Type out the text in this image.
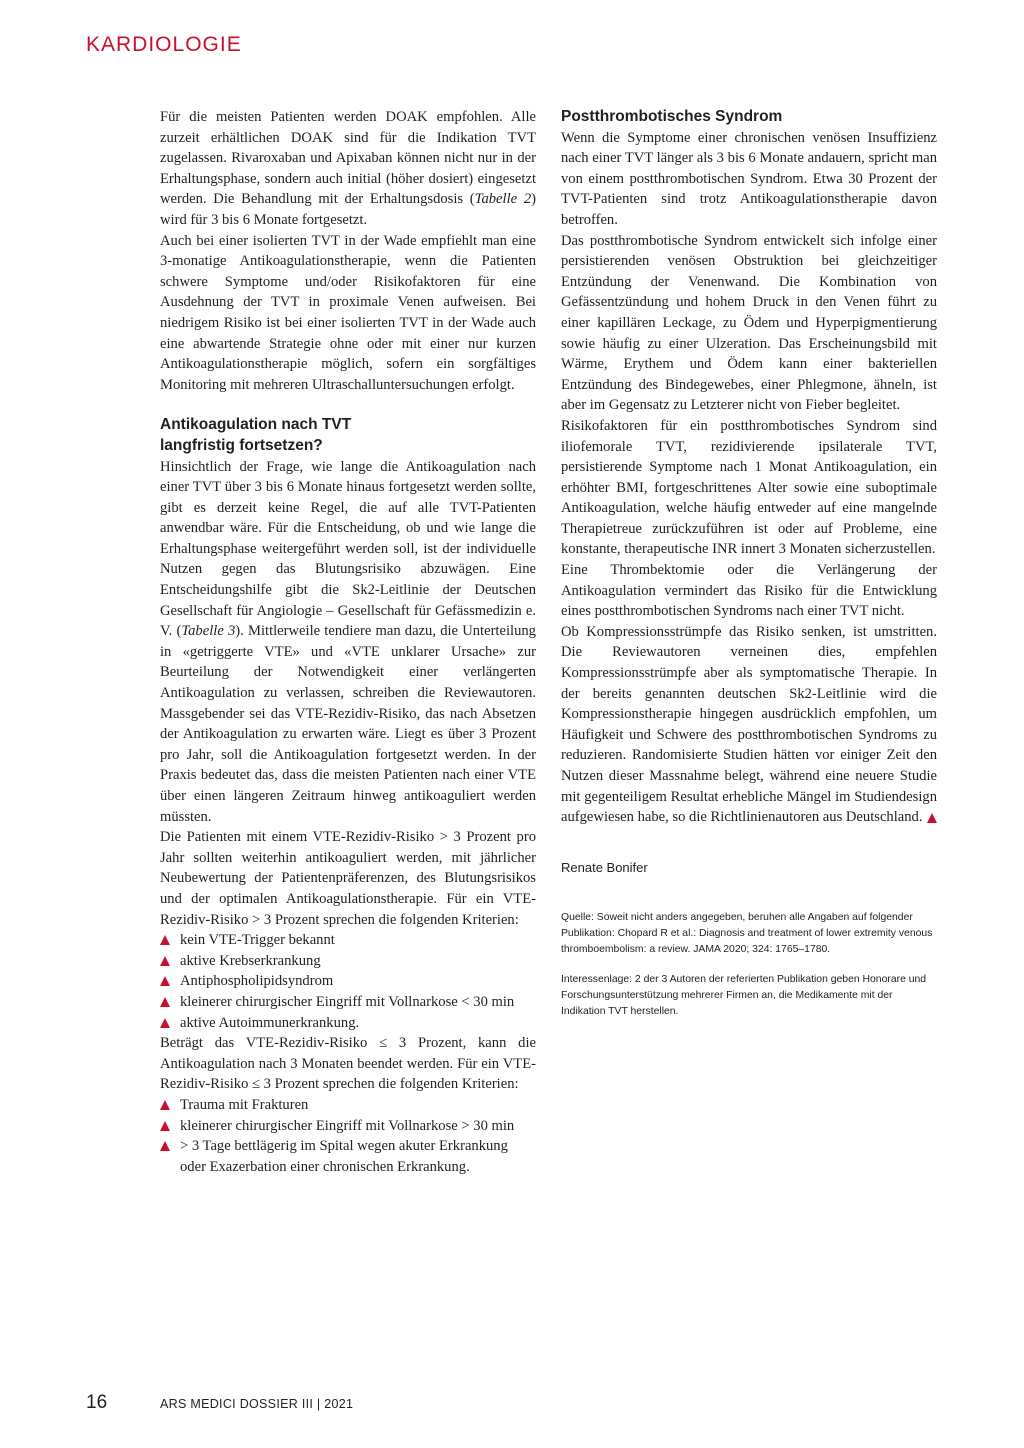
KARDIOLOGIE

Für die meisten Patienten werden DOAK empfohlen. Alle zurzeit erhältlichen DOAK sind für die Indikation TVT zugelassen. Rivaroxaban und Apixaban können nicht nur in der Erhaltungsphase, sondern auch initial (höher dosiert) eingesetzt werden. Die Behandlung mit der Erhaltungsdosis (Tabelle 2) wird für 3 bis 6 Monate fortgesetzt.

Auch bei einer isolierten TVT in der Wade empfiehlt man eine 3-monatige Antikoagulationstherapie, wenn die Patienten schwere Symptome und/oder Risikofaktoren für eine Ausdehnung der TVT in proximale Venen aufweisen. Bei niedrigem Risiko ist bei einer isolierten TVT in der Wade auch eine abwartende Strategie ohne oder mit einer nur kurzen Antikoagulationstherapie möglich, sofern ein sorgfältiges Monitoring mit mehreren Ultraschalluntersuchungen erfolgt.

Antikoagulation nach TVT
langfristig fortsetzen?

Hinsichtlich der Frage, wie lange die Antikoagulation nach einer TVT über 3 bis 6 Monate hinaus fortgesetzt werden sollte, gibt es derzeit keine Regel, die auf alle TVT-Patienten anwendbar wäre. Für die Entscheidung, ob und wie lange die Erhaltungsphase weitergeführt werden soll, ist der individuelle Nutzen gegen das Blutungsrisiko abzuwägen. Eine Entscheidungshilfe gibt die Sk2-Leitlinie der Deutschen Gesellschaft für Angiologie – Gesellschaft für Gefässmedizin e. V. (Tabelle 3). Mittlerweile tendiere man dazu, die Unterteilung in «getriggerte VTE» und «VTE unklarer Ursache» zur Beurteilung der Notwendigkeit einer verlängerten Antikoagulation zu verlassen, schreiben die Reviewautoren. Massgebender sei das VTE-Rezidiv-Risiko, das nach Absetzen der Antikoagulation zu erwarten wäre. Liegt es über 3 Prozent pro Jahr, soll die Antikoagulation fortgesetzt werden. In der Praxis bedeutet das, dass die meisten Patienten nach einer VTE über einen längeren Zeitraum hinweg antikoaguliert werden müssten.

Die Patienten mit einem VTE-Rezidiv-Risiko > 3 Prozent pro Jahr sollten weiterhin antikoaguliert werden, mit jährlicher Neubewertung der Patientenpräferenzen, des Blutungsrisikos und der optimalen Antikoagulationstherapie. Für ein VTE-Rezidiv-Risiko > 3 Prozent sprechen die folgenden Kriterien:

kein VTE-Trigger bekannt
aktive Krebserkrankung
Antiphospholipidsyndrom
kleinerer chirurgischer Eingriff mit Vollnarkose < 30 min
aktive Autoimmunerkrankung.

Beträgt das VTE-Rezidiv-Risiko ≤ 3 Prozent, kann die Antikoagulation nach 3 Monaten beendet werden. Für ein VTE-Rezidiv-Risiko ≤ 3 Prozent sprechen die folgenden Kriterien:

Trauma mit Frakturen
kleinerer chirurgischer Eingriff mit Vollnarkose > 30 min
> 3 Tage bettlägerig im Spital wegen akuter Erkrankung oder Exazerbation einer chronischen Erkrankung.
Postthrombotisches Syndrom

Wenn die Symptome einer chronischen venösen Insuffizienz nach einer TVT länger als 3 bis 6 Monate andauern, spricht man von einem postthrombotischen Syndrom. Etwa 30 Prozent der TVT-Patienten sind trotz Antikoagulationstherapie davon betroffen.

Das postthrombotische Syndrom entwickelt sich infolge einer persistierenden venösen Obstruktion bei gleichzeitiger Entzündung der Venenwand. Die Kombination von Gefässentzündung und hohem Druck in den Venen führt zu einer kapillären Leckage, zu Ödem und Hyperpigmentierung sowie häufig zu einer Ulzeration. Das Erscheinungsbild mit Wärme, Erythem und Ödem kann einer bakteriellen Entzündung des Bindegewebes, einer Phlegmone, ähneln, ist aber im Gegensatz zu Letzterer nicht von Fieber begleitet.

Risikofaktoren für ein postthrombotisches Syndrom sind iliofemorale TVT, rezidivierende ipsilaterale TVT, persistierende Symptome nach 1 Monat Antikoagulation, ein erhöhter BMI, fortgeschrittenes Alter sowie eine suboptimale Antikoagulation, welche häufig entweder auf eine mangelnde Therapietreue zurückzuführen ist oder auf Probleme, eine konstante, therapeutische INR innert 3 Monaten sicherzustellen.

Eine Thrombektomie oder die Verlängerung der Antikoagulation vermindert das Risiko für die Entwicklung eines postthrombotischen Syndroms nach einer TVT nicht.

Ob Kompressionsstrümpfe das Risiko senken, ist umstritten. Die Reviewautoren verneinen dies, empfehlen Kompressionsstrümpfe aber als symptomatische Therapie. In der bereits genannten deutschen Sk2-Leitlinie wird die Kompressionstherapie hingegen ausdrücklich empfohlen, um Häufigkeit und Schwere des postthrombotischen Syndroms zu reduzieren. Randomisierte Studien hätten vor einiger Zeit den Nutzen dieser Massnahme belegt, während eine neuere Studie mit gegenteiligem Resultat erhebliche Mängel im Studiendesign aufgewiesen habe, so die Richtlinienautoren aus Deutschland.

Renate Bonifer
Quelle: Soweit nicht anders angegeben, beruhen alle Angaben auf folgender Publikation: Chopard R et al.: Diagnosis and treatment of lower extremity venous thromboembolism: a review. JAMA 2020; 324: 1765–1780.
Interessenlage: 2 der 3 Autoren der referierten Publikation geben Honorare und Forschungsunterstützung mehrerer Firmen an, die Medikamente mit der Indikation TVT herstellen.
16	ARS MEDICI DOSSIER III | 2021
